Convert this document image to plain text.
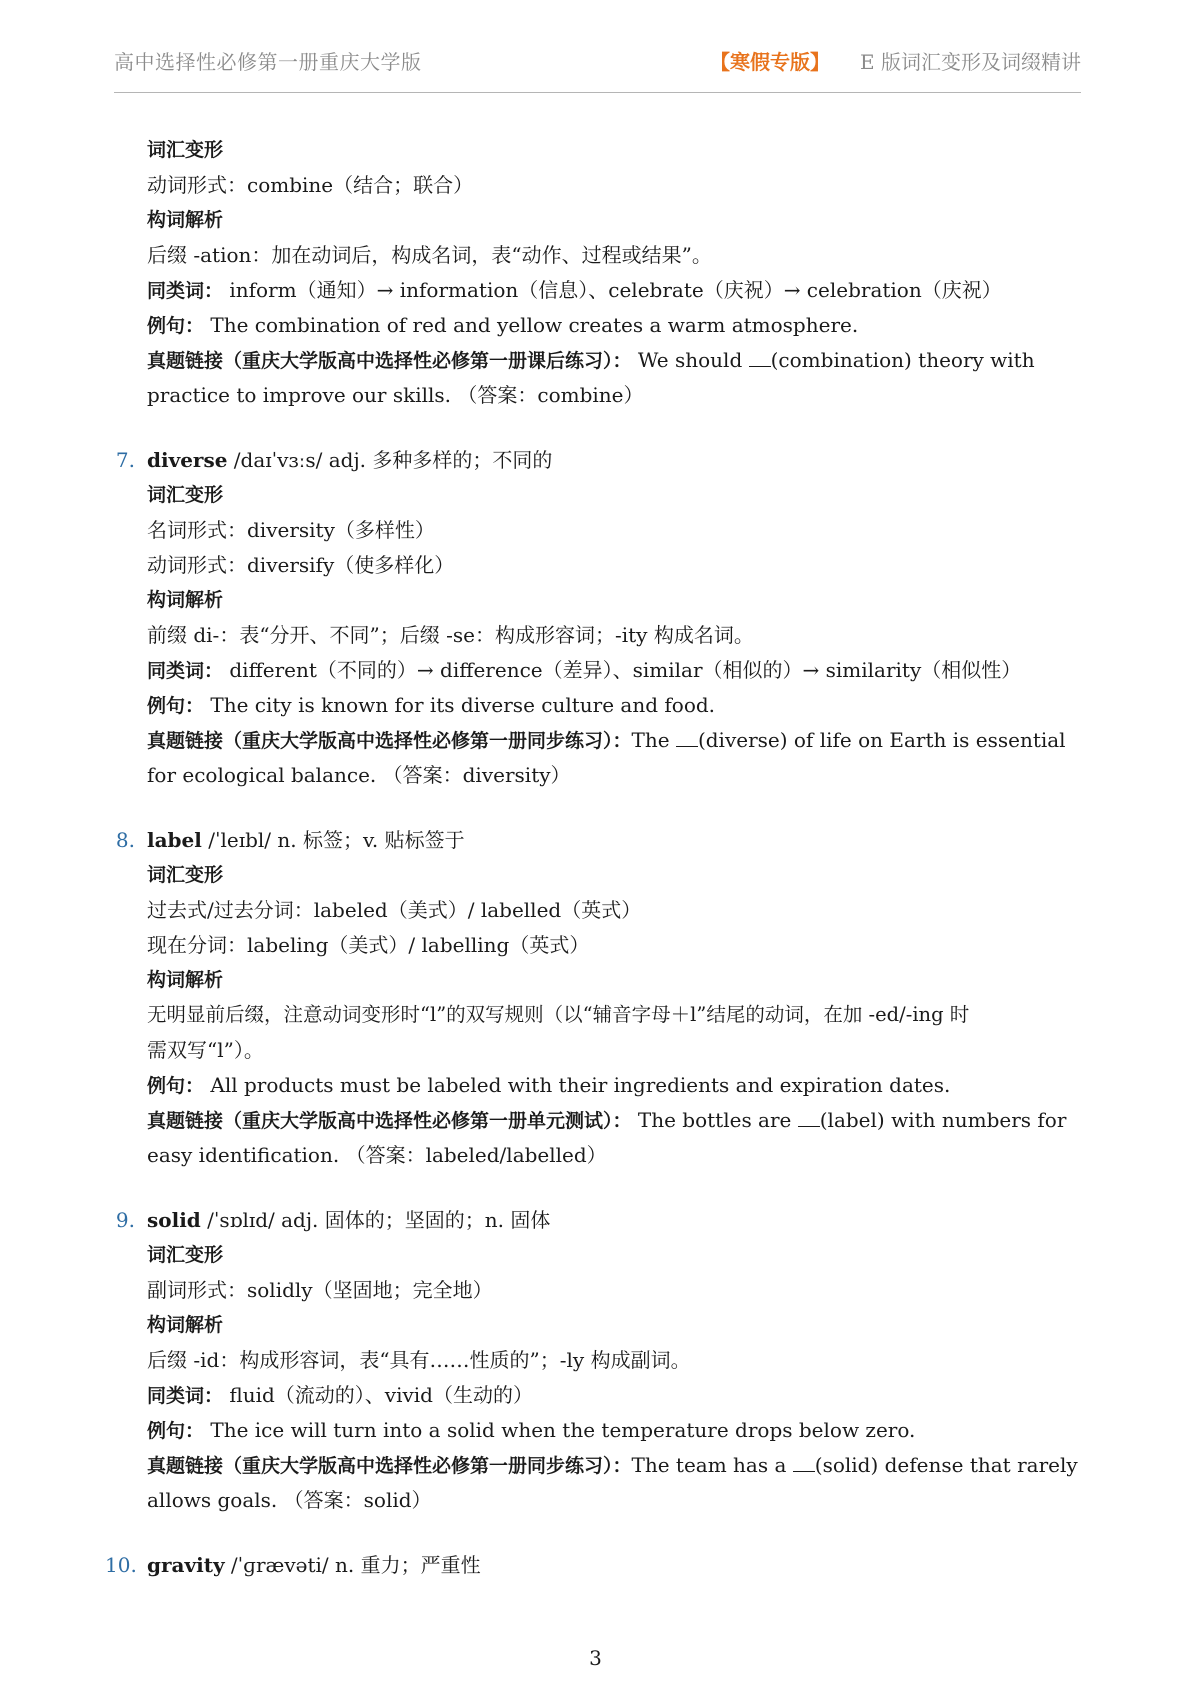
高中选择性必修第一册重庆大学版	【寒假专版】 E 版词汇变形及词缀精讲
词汇变形
动词形式：combine（结合；联合）
构词解析
后缀 -ation：加在动词后，构成名词，表“动作、过程或结果”。
同类词： inform（通知）→ information（信息）、celebrate（庆祝）→ celebration（庆祝）
例句： The combination of red and yellow creates a warm atmosphere.
真题链接（重庆大学版高中选择性必修第一册课后练习）： We should (combination) theory with
practice to improve our skills. （答案：combine）
7. diverse /daɪˈvɜːs/ adj. 多种多样的；不同的
词汇变形
名词形式：diversity（多样性）
动词形式：diversify（使多样化）
构词解析
前缀 di-：表“分开、不同”；后缀 -se：构成形容词；-ity 构成名词。
同类词： different（不同的）→ difference（差异）、similar（相似的）→ similarity（相似性）
例句： The city is known for its diverse culture and food.
真题链接（重庆大学版高中选择性必修第一册同步练习）：The (diverse) of life on Earth is essential
for ecological balance. （答案：diversity）
8. label /ˈleɪbl/ n. 标签；v. 贴标签于
词汇变形
过去式/过去分词：labeled（美式）/ labelled（英式）
现在分词：labeling（美式）/ labelling（英式）
构词解析
无明显前后缀，注意动词变形时“l”的双写规则（以“辅音字母＋l”结尾的动词，在加 -ed/-ing 时
需双写“l”）。
例句： All products must be labeled with their ingredients and expiration dates.
真题链接（重庆大学版高中选择性必修第一册单元测试）： The bottles are (label) with numbers for
easy identification. （答案：labeled/labelled）
9. solid /ˈsɒlɪd/ adj. 固体的；坚固的；n. 固体
词汇变形
副词形式：solidly（坚固地；完全地）
构词解析
后缀 -id：构成形容词，表“具有……性质的”；-ly 构成副词。
同类词： fluid（流动的）、vivid（生动的）
例句： The ice will turn into a solid when the temperature drops below zero.
真题链接（重庆大学版高中选择性必修第一册同步练习）：The team has a (solid) defense that rarely
allows goals. （答案：solid）
10. gravity /ˈɡrævəti/ n. 重力；严重性
3
